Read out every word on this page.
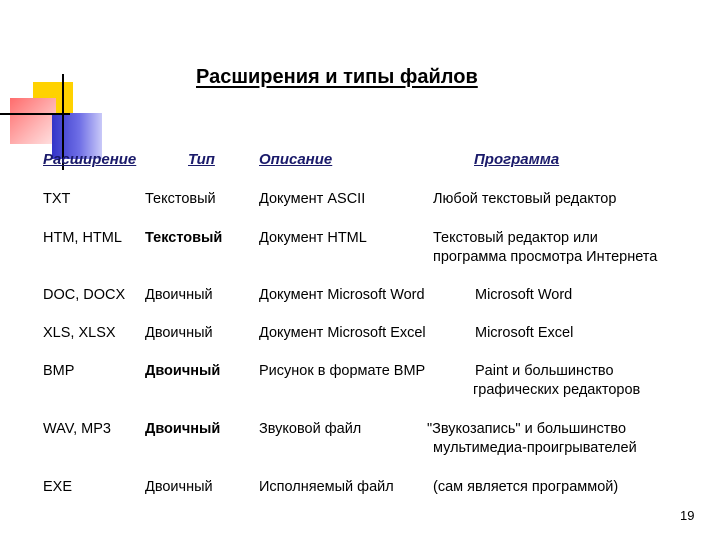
Расширения и типы файлов
Расширение	Тип	Описание	Программа
TXT	Текстовый	Документ ASCII	Любой текстовый редактор
HTM, HTML Текстовый	Документ HTML	Текстовый редактор или
программа просмотра Интернета
DOC, DOCX Двоичный	Документ Microsoft Word	Microsoft Word
XLS, XLSX Двоичный	Документ Microsoft Excel	Microsoft Excel
BMP	Двоичный	Рисунок в формате BMP	Paint и большинство
графических редакторов
WAV, MP3 Двоичный	Звуковой файл	"Звукозапись" и большинство
мультимедиа-проигрывателей
EXE	Двоичный	Исполняемый файл	(сам является программой)
19
